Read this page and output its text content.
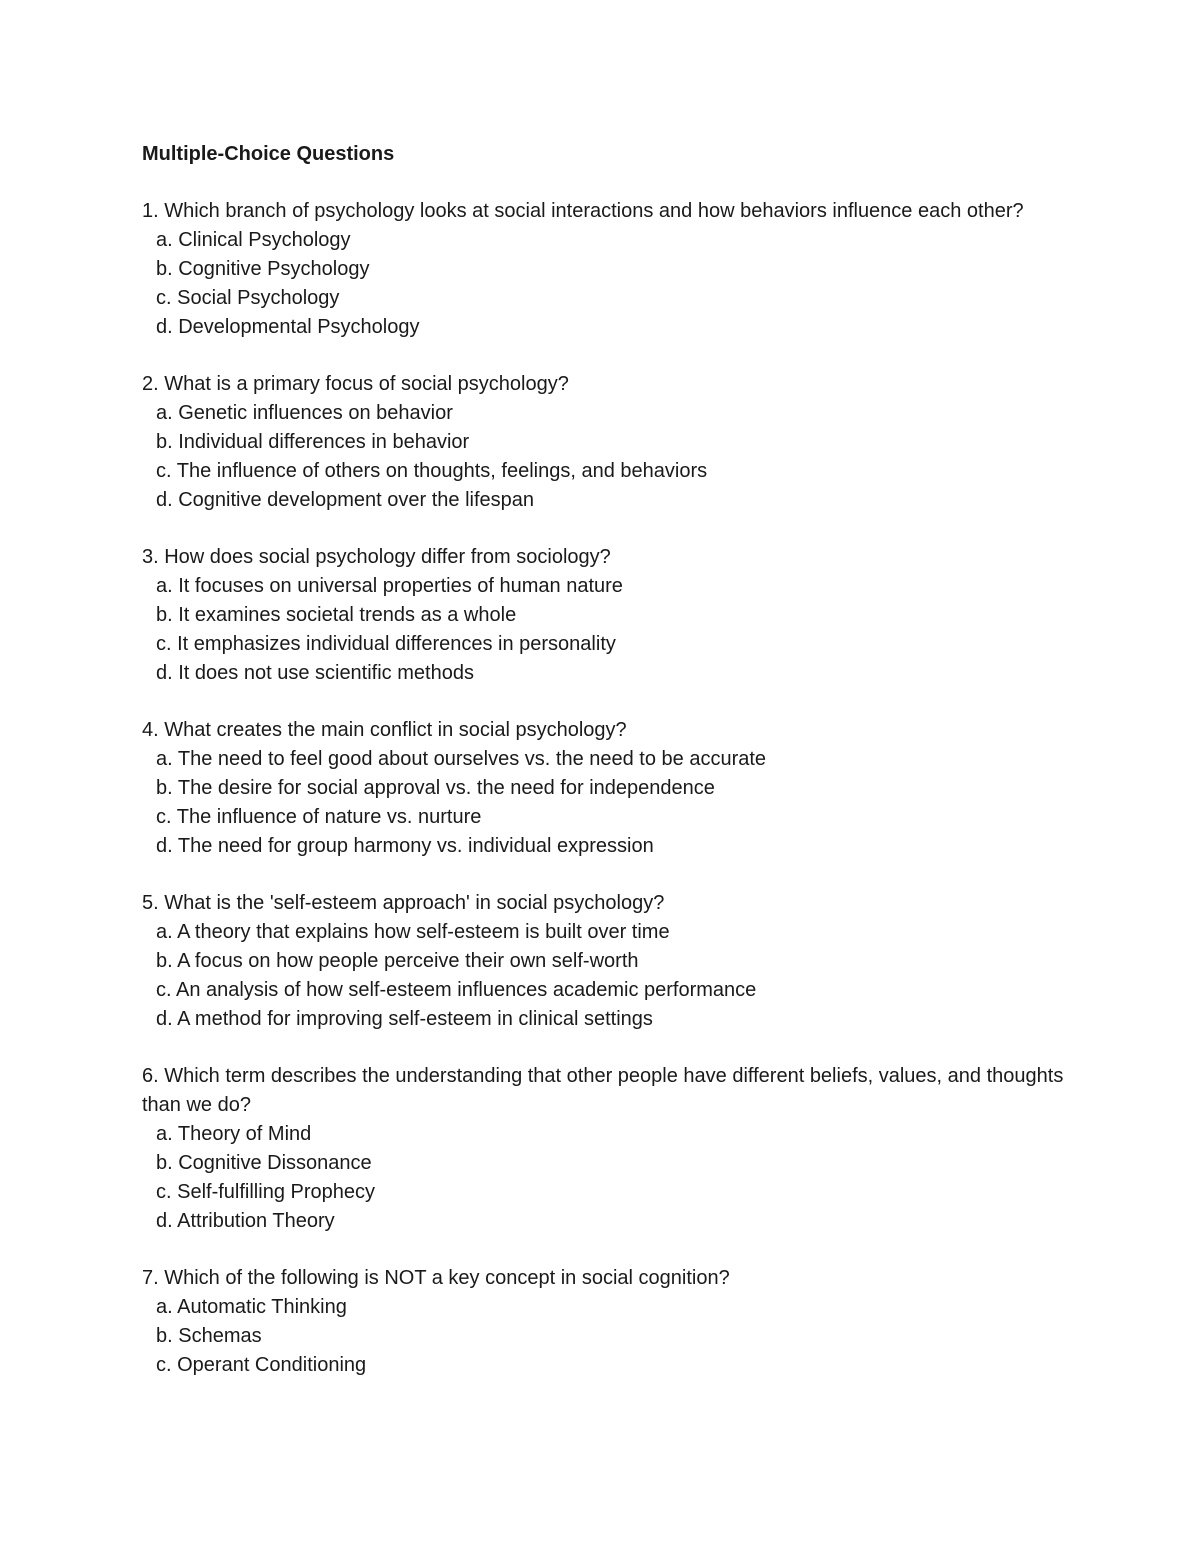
Multiple-Choice Questions

1. Which branch of psychology looks at social interactions and how behaviors influence each other?

a. Clinical Psychology
b. Cognitive Psychology
c. Social Psychology
d. Developmental Psychology

2. What is a primary focus of social psychology?

a. Genetic influences on behavior
b. Individual differences in behavior
c. The influence of others on thoughts, feelings, and behaviors
d. Cognitive development over the lifespan

3. How does social psychology differ from sociology?

a. It focuses on universal properties of human nature
b. It examines societal trends as a whole
c. It emphasizes individual differences in personality
d. It does not use scientific methods

4. What creates the main conflict in social psychology?

a. The need to feel good about ourselves vs. the need to be accurate
b. The desire for social approval vs. the need for independence
c. The influence of nature vs. nurture
d. The need for group harmony vs. individual expression

5. What is the 'self-esteem approach' in social psychology?

a. A theory that explains how self-esteem is built over time
b. A focus on how people perceive their own self-worth
c. An analysis of how self-esteem influences academic performance
d. A method for improving self-esteem in clinical settings

6. Which term describes the understanding that other people have different beliefs, values, and thoughts than we do?

a. Theory of Mind
b. Cognitive Dissonance
c. Self-fulfilling Prophecy
d. Attribution Theory

7. Which of the following is NOT a key concept in social cognition?

a. Automatic Thinking
b. Schemas
c. Operant Conditioning
